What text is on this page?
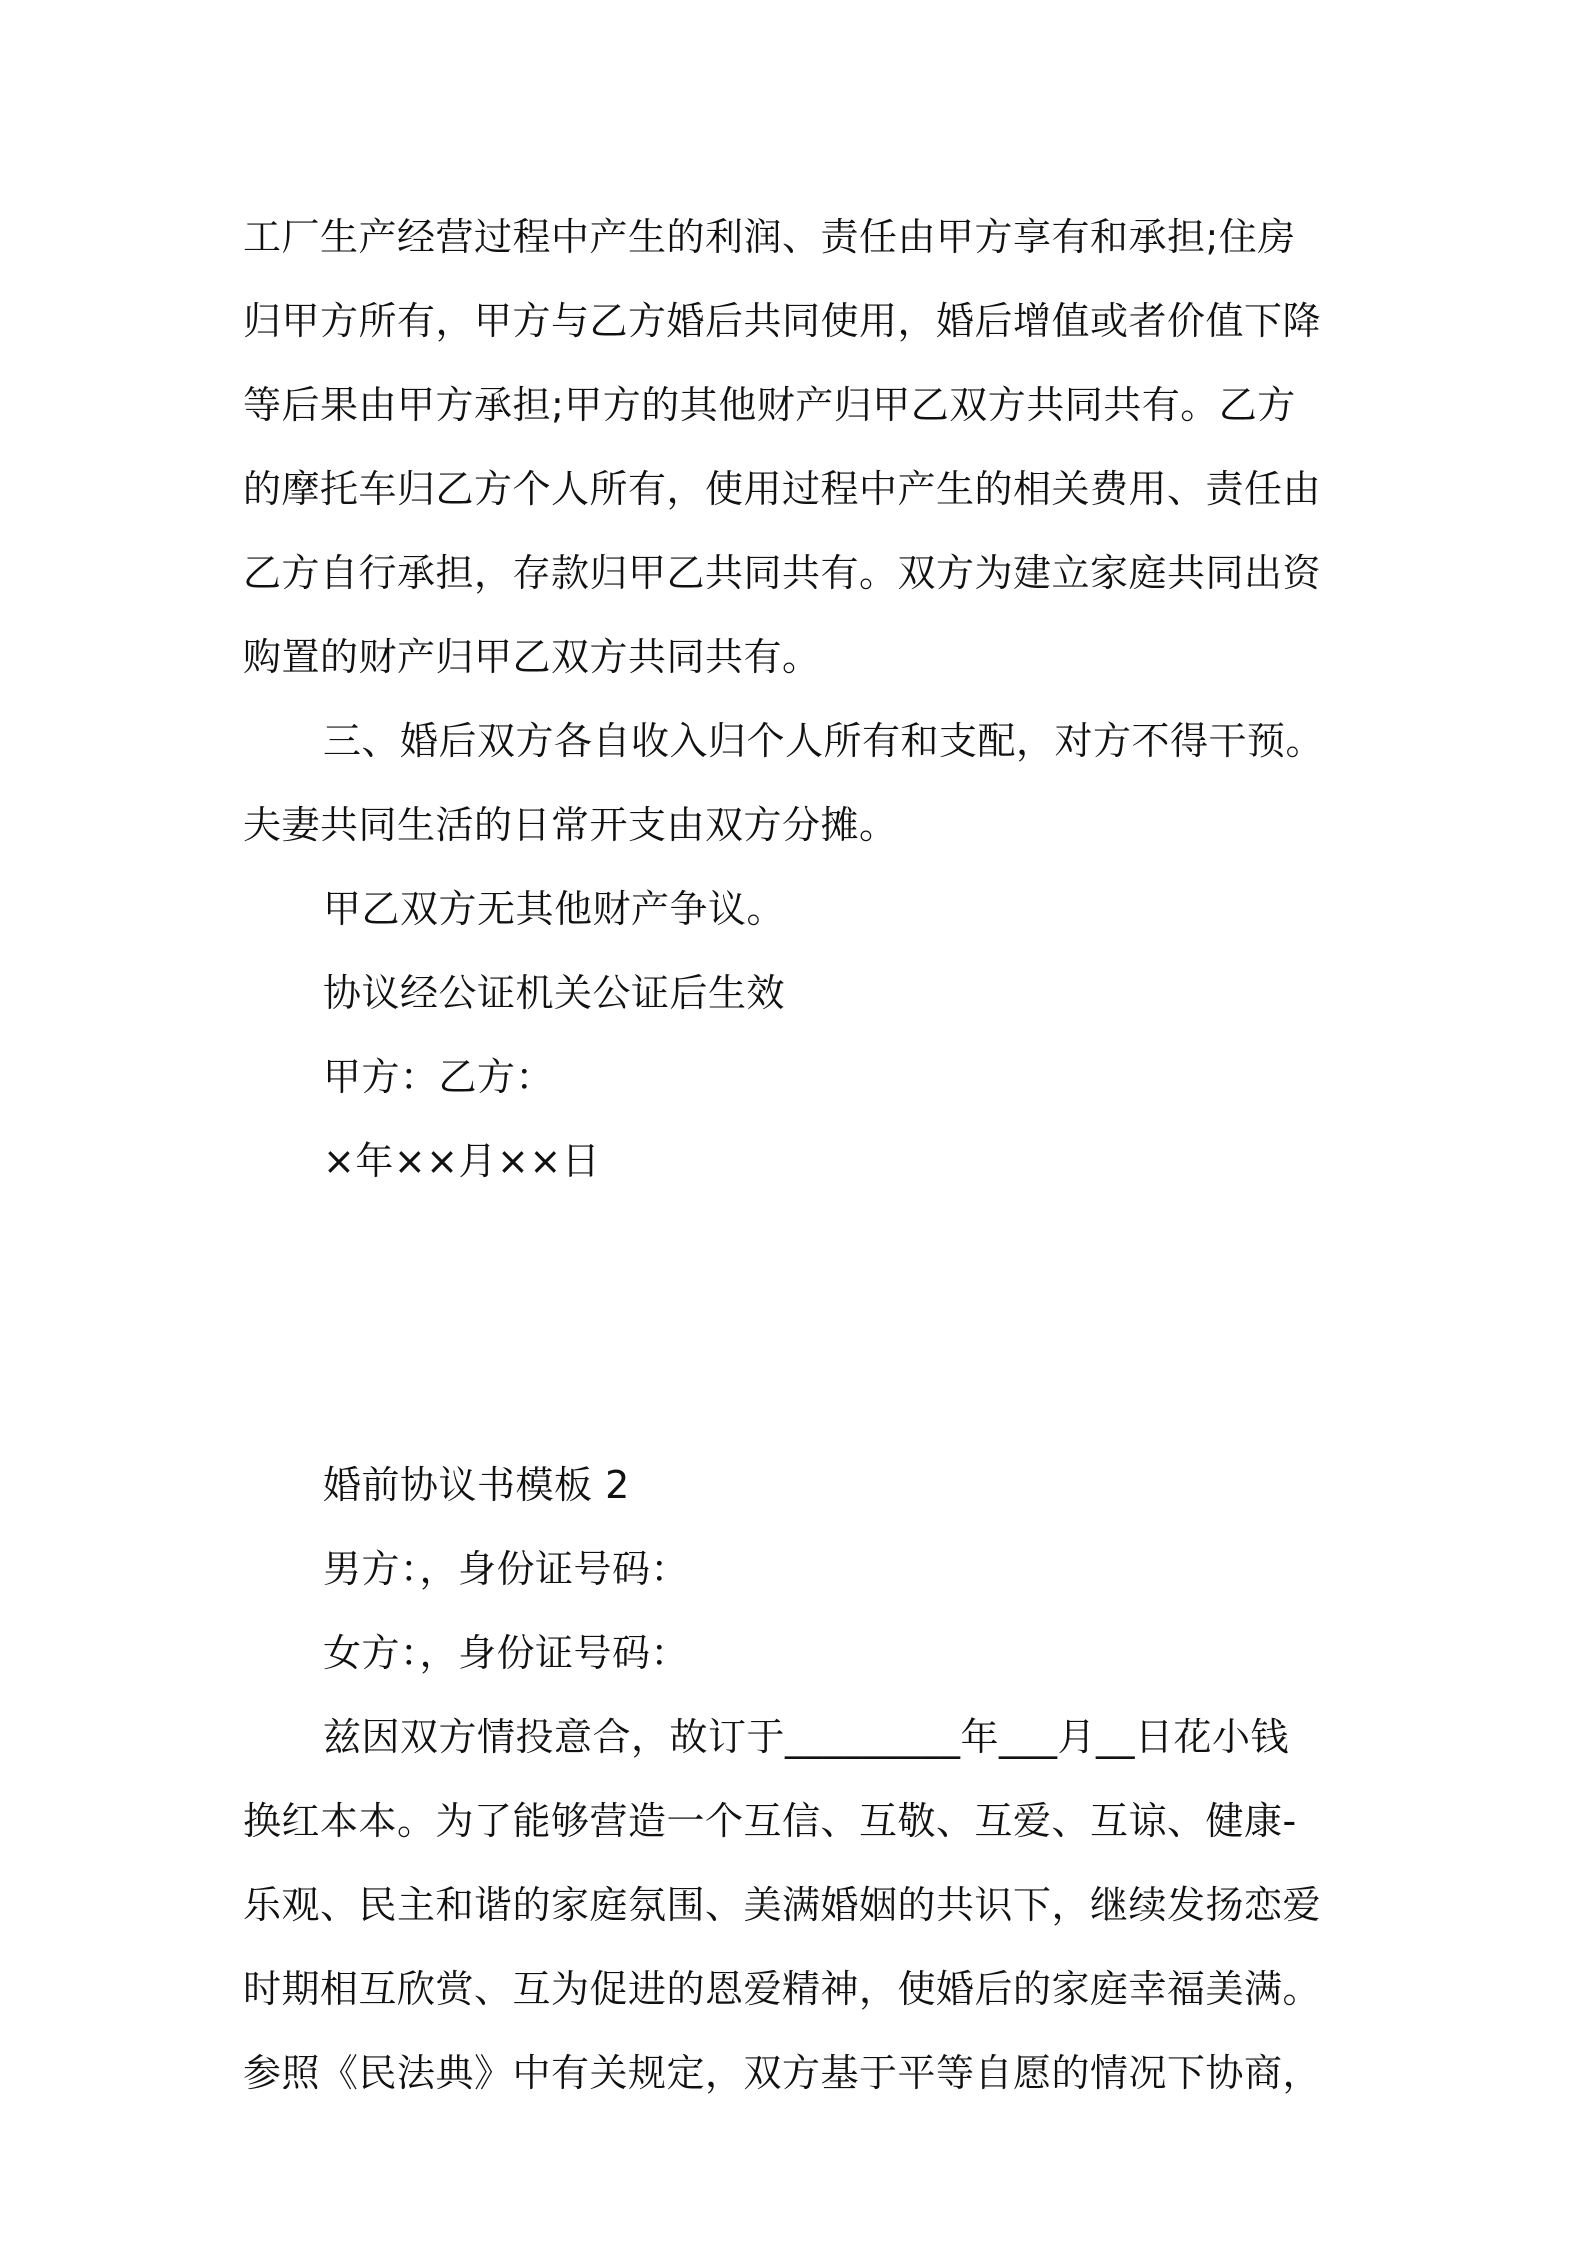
工厂生产经营过程中产生的利润、责任由甲方享有和承担;住房
归甲方所有，甲方与乙方婚后共同使用，婚后增值或者价值下降
等后果由甲方承担;甲方的其他财产归甲乙双方共同共有。乙方
的摩托车归乙方个人所有，使用过程中产生的相关费用、责任由
乙方自行承担，存款归甲乙共同共有。双方为建立家庭共同出资
购置的财产归甲乙双方共同共有。
三、婚后双方各自收入归个人所有和支配，对方不得干预。
夫妻共同生活的日常开支由双方分摊。
甲乙双方无其他财产争议。
协议经公证机关公证后生效
甲方：乙方：
×年××月××日
婚前协议书模板 2
男方：，身份证号码：
女方：，身份证号码：
兹因双方情投意合，故订于_________年___月__日花小钱
换红本本。为了能够营造一个互信、互敬、互爱、互谅、健康-
乐观、民主和谐的家庭氛围、美满婚姻的共识下，继续发扬恋爱
时期相互欣赏、互为促进的恩爱精神，使婚后的家庭幸福美满。
参照《民法典》中有关规定，双方基于平等自愿的情况下协商，
